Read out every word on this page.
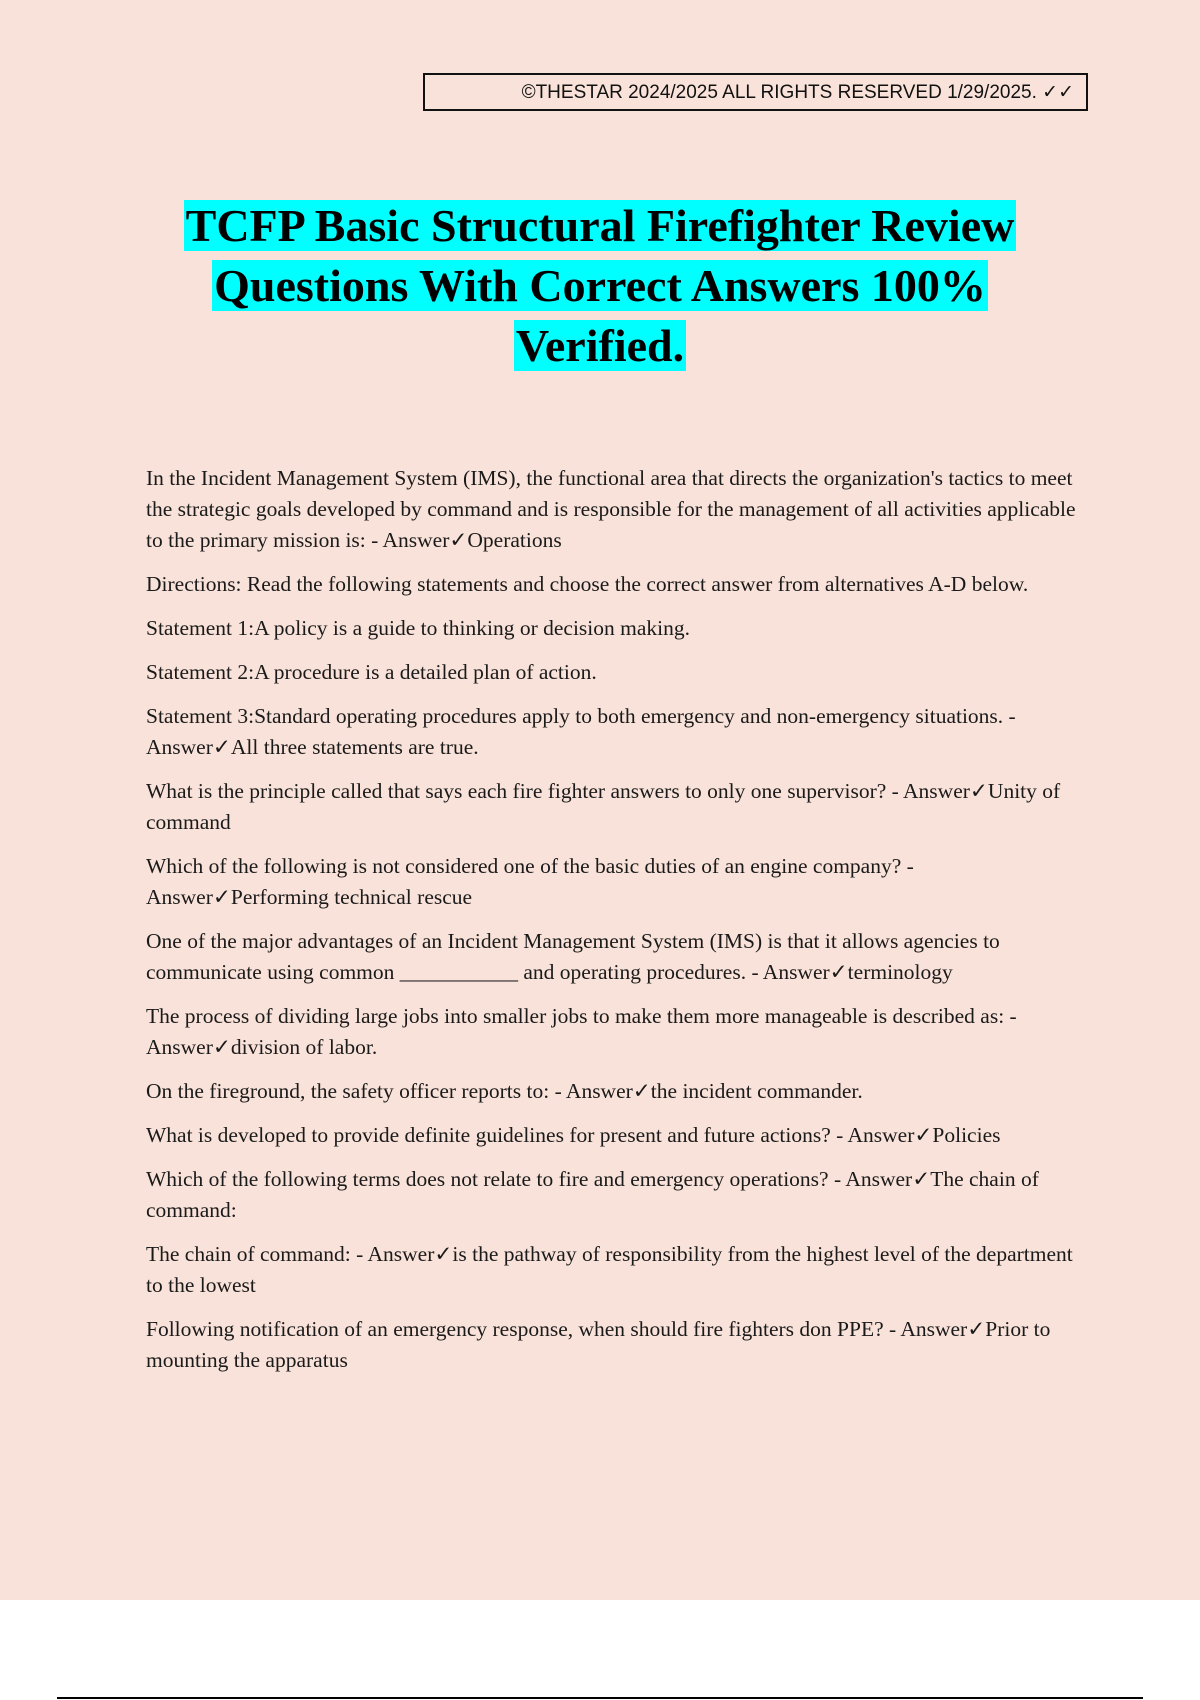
©THESTAR 2024/2025 ALL RIGHTS RESERVED 1/29/2025. ✓✓
TCFP Basic Structural Firefighter Review
Questions With Correct Answers 100%
Verified.

In the Incident Management System (IMS), the functional area that directs the organization's tactics to meet the strategic goals developed by command and is responsible for the management of all activities applicable to the primary mission is: - Answer✓Operations

Directions: Read the following statements and choose the correct answer from alternatives A-D below.

Statement 1:A policy is a guide to thinking or decision making.

Statement 2:A procedure is a detailed plan of action.

Statement 3:Standard operating procedures apply to both emergency and non-emergency situations. - Answer✓All three statements are true.

What is the principle called that says each fire fighter answers to only one supervisor? - Answer✓Unity of command

Which of the following is not considered one of the basic duties of an engine company? - Answer✓Performing technical rescue

One of the major advantages of an Incident Management System (IMS) is that it allows agencies to communicate using common ___________ and operating procedures. - Answer✓terminology

The process of dividing large jobs into smaller jobs to make them more manageable is described as: - Answer✓division of labor.

On the fireground, the safety officer reports to: - Answer✓the incident commander.

What is developed to provide definite guidelines for present and future actions? - Answer✓Policies

Which of the following terms does not relate to fire and emergency operations? - Answer✓The chain of command:

The chain of command: - Answer✓is the pathway of responsibility from the highest level of the department to the lowest

Following notification of an emergency response, when should fire fighters don PPE? - Answer✓Prior to mounting the apparatus
